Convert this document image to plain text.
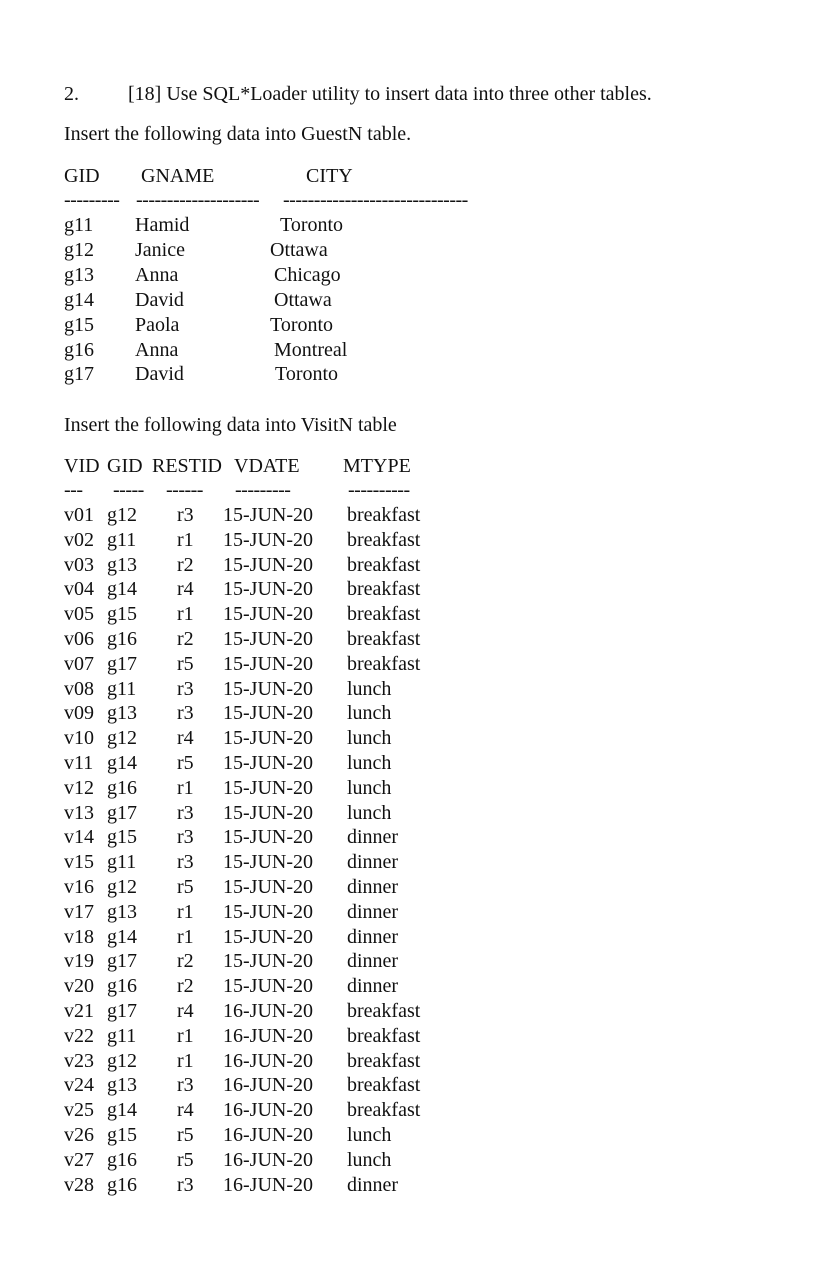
2. [18] Use SQL*Loader utility to insert data into three other tables.
Insert the following data into GuestN table.
GID GNAME	CITY
--------- -------------------- ------------------------------
g11 Hamid	Toronto
g12 Janice	Ottawa
g13 Anna	Chicago
g14 David	Ottawa
g15 Paola	Toronto
g16 Anna	Montreal
g17 David	Toronto
Insert the following data into VisitN table
VID GID RESTID VDATE MTYPE
--- ----- ------ ---------	----------
v01 g12 r3 15-JUN-20 breakfast
v02 g11 r1 15-JUN-20 breakfast
v03 g13 r2 15-JUN-20 breakfast
v04 g14 r4 15-JUN-20 breakfast
v05 g15 r1 15-JUN-20 breakfast
v06 g16 r2 15-JUN-20 breakfast
v07 g17 r5 15-JUN-20 breakfast
v08 g11 r3 15-JUN-20 lunch
v09 g13 r3 15-JUN-20 lunch
v10 g12 r4 15-JUN-20 lunch
v11 g14 r5 15-JUN-20 lunch
v12 g16 r1 15-JUN-20 lunch
v13 g17 r3 15-JUN-20 lunch
v14 g15 r3 15-JUN-20 dinner
v15 g11 r3 15-JUN-20 dinner
v16 g12 r5 15-JUN-20 dinner
v17 g13 r1 15-JUN-20 dinner
v18 g14 r1 15-JUN-20 dinner
v19 g17 r2 15-JUN-20 dinner
v20 g16 r2 15-JUN-20 dinner
v21 g17 r4 16-JUN-20 breakfast
v22 g11 r1 16-JUN-20 breakfast
v23 g12 r1 16-JUN-20 breakfast
v24 g13 r3 16-JUN-20 breakfast
v25 g14 r4 16-JUN-20 breakfast
v26 g15 r5 16-JUN-20 lunch
v27 g16 r5 16-JUN-20 lunch
v28 g16 r3 16-JUN-20 dinner
